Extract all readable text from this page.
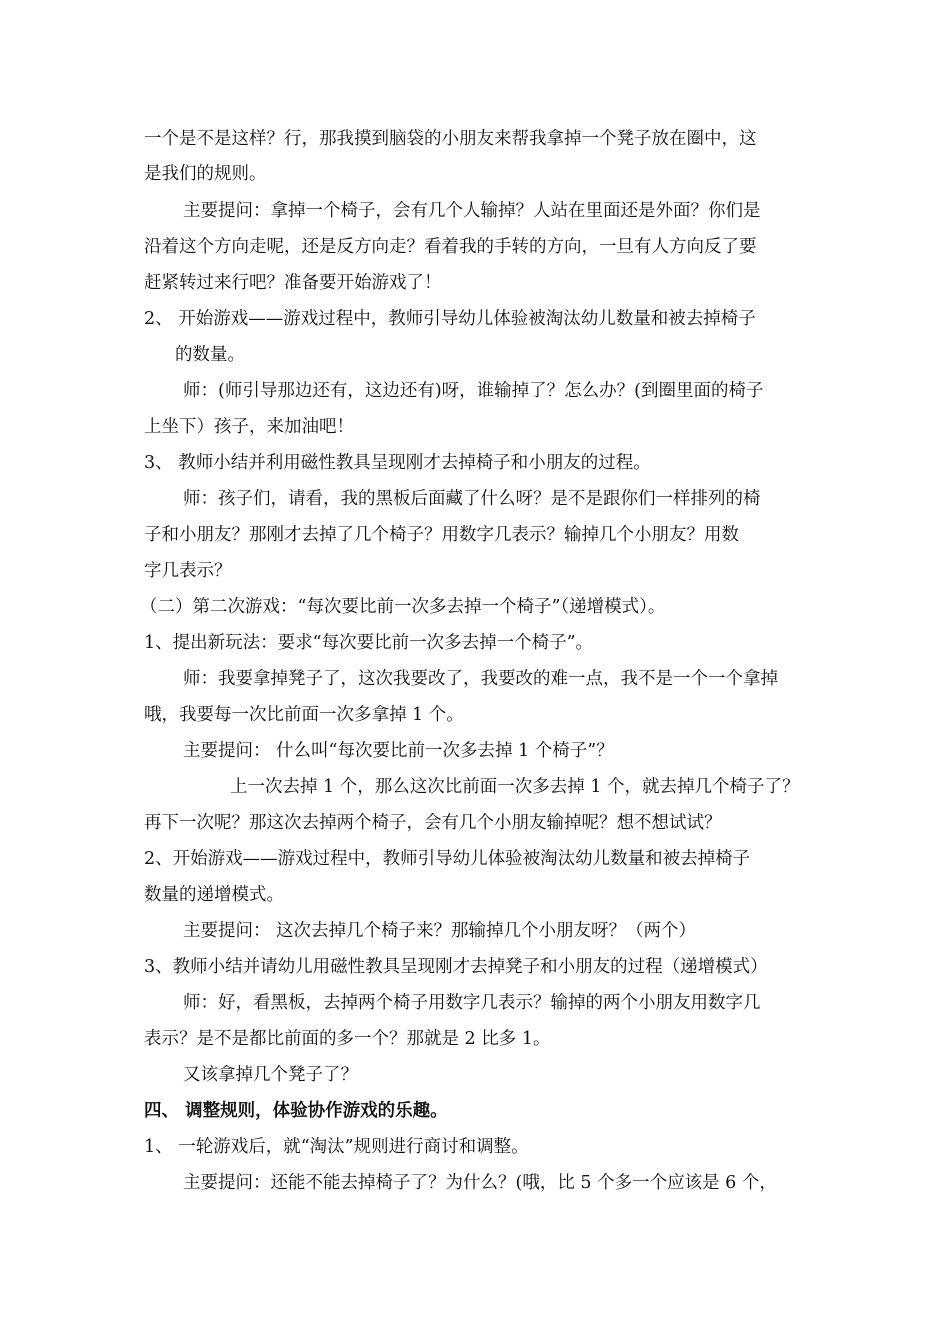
一个是不是这样？行，那我摸到脑袋的小朋友来帮我拿掉一个凳子放在圈中，这
是我们的规则。
主要提问：拿掉一个椅子，会有几个人输掉？人站在里面还是外面？你们是
沿着这个方向走呢，还是反方向走？看着我的手转的方向，一旦有人方向反了要
赶紧转过来行吧？准备要开始游戏了！
2、 开始游戏——游戏过程中，教师引导幼儿体验被淘汰幼儿数量和被去掉椅子
的数量。
师：(师引导那边还有，这边还有)呀，谁输掉了？怎么办？(到圈里面的椅子
上坐下）孩子，来加油吧！
3、 教师小结并利用磁性教具呈现刚才去掉椅子和小朋友的过程。
师：孩子们，请看，我的黑板后面藏了什么呀？是不是跟你们一样排列的椅
子和小朋友？那刚才去掉了几个椅子？用数字几表示？输掉几个小朋友？用数
字几表示？
（二）第二次游戏：“每次要比前一次多去掉一个椅子”（递增模式）。
1、提出新玩法：要求“每次要比前一次多去掉一个椅子”。
师：我要拿掉凳子了，这次我要改了，我要改的难一点，我不是一个一个拿掉
哦，我要每一次比前面一次多拿掉 1 个。
主要提问： 什么叫“每次要比前一次多去掉 1 个椅子”？
上一次去掉 1 个，那么这次比前面一次多去掉 1 个，就去掉几个椅子了？
再下一次呢？那这次去掉两个椅子，会有几个小朋友输掉呢？想不想试试？
2、开始游戏——游戏过程中，教师引导幼儿体验被淘汰幼儿数量和被去掉椅子
数量的递增模式。
主要提问： 这次去掉几个椅子来？那输掉几个小朋友呀？（两个）
3、教师小结并请幼儿用磁性教具呈现刚才去掉凳子和小朋友的过程（递增模式）
师：好，看黑板，去掉两个椅子用数字几表示？输掉的两个小朋友用数字几
表示？是不是都比前面的多一个？那就是 2 比多 1。
又该拿掉几个凳子了？
四、 调整规则，体验协作游戏的乐趣。
1、 一轮游戏后，就“淘汰”规则进行商讨和调整。
主要提问：还能不能去掉椅子了？为什么？(哦，比 5 个多一个应该是 6 个，
